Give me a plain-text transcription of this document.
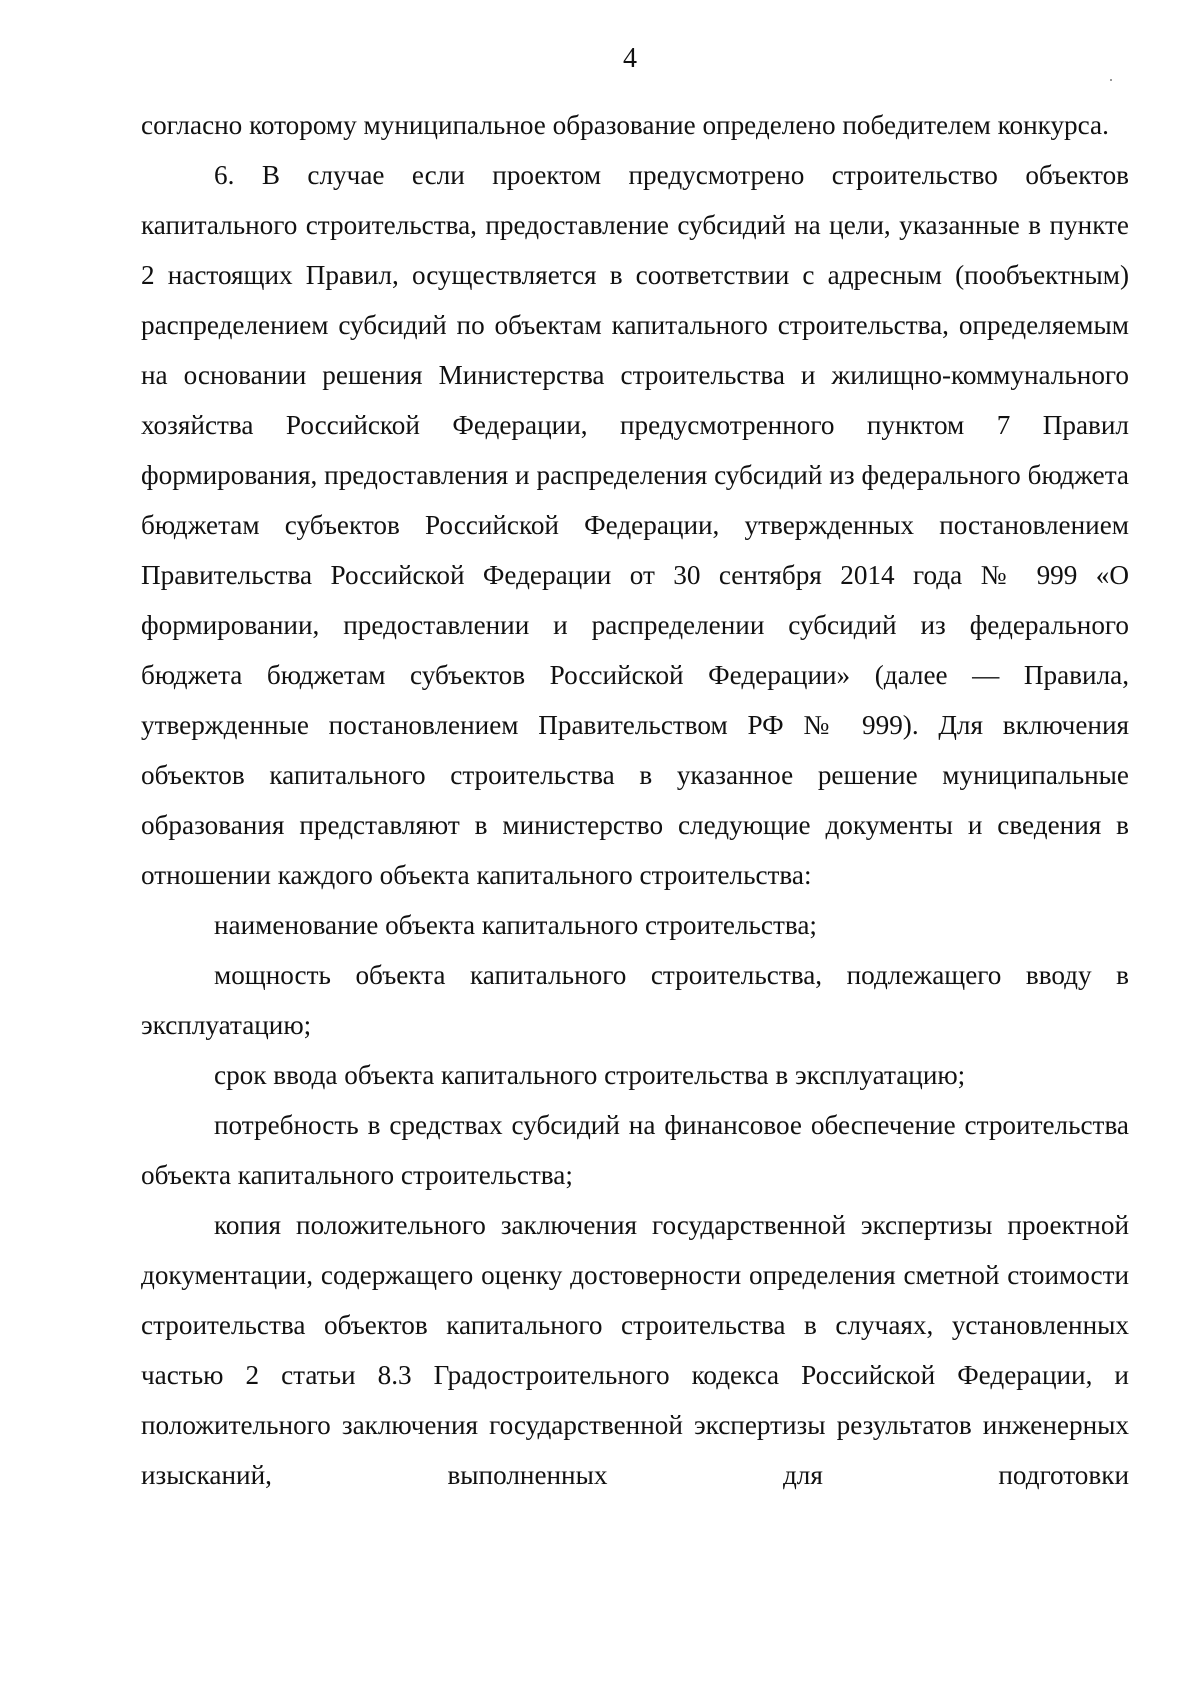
4

согласно которому муниципальное образование определено победителем конкурса.

6. В случае если проектом предусмотрено строительство объектов капитального строительства, предоставление субсидий на цели, указанные в пункте 2 настоящих Правил, осуществляется в соответствии с адресным (пообъектным) распределением субсидий по объектам капитального строительства, определяемым на основании решения Министерства строительства и жилищно-коммунального хозяйства Российской Федерации, предусмотренного пунктом 7 Правил формирования, предоставления и распределения субсидий из федерального бюджета бюджетам субъектов Российской Федерации, утвержденных постановлением Правительства Российской Федерации от 30 сентября 2014 года № 999 «О формировании, предоставлении и распределении субсидий из федерального бюджета бюджетам субъектов Российской Федерации» (далее — Правила, утвержденные постановлением Правительством РФ № 999). Для включения объектов капитального строительства в указанное решение муниципальные образования представляют в министерство следующие документы и сведения в отношении каждого объекта капитального строительства:

наименование объекта капитального строительства;

мощность объекта капитального строительства, подлежащего вводу в эксплуатацию;

срок ввода объекта капитального строительства в эксплуатацию;

потребность в средствах субсидий на финансовое обеспечение строительства объекта капитального строительства;

копия положительного заключения государственной экспертизы проектной документации, содержащего оценку достоверности определения сметной стоимости строительства объектов капитального строительства в случаях, установленных частью 2 статьи 8.3 Градостроительного кодекса Российской Федерации, и положительного заключения государственной экспертизы результатов инженерных изысканий, выполненных для подготовки
